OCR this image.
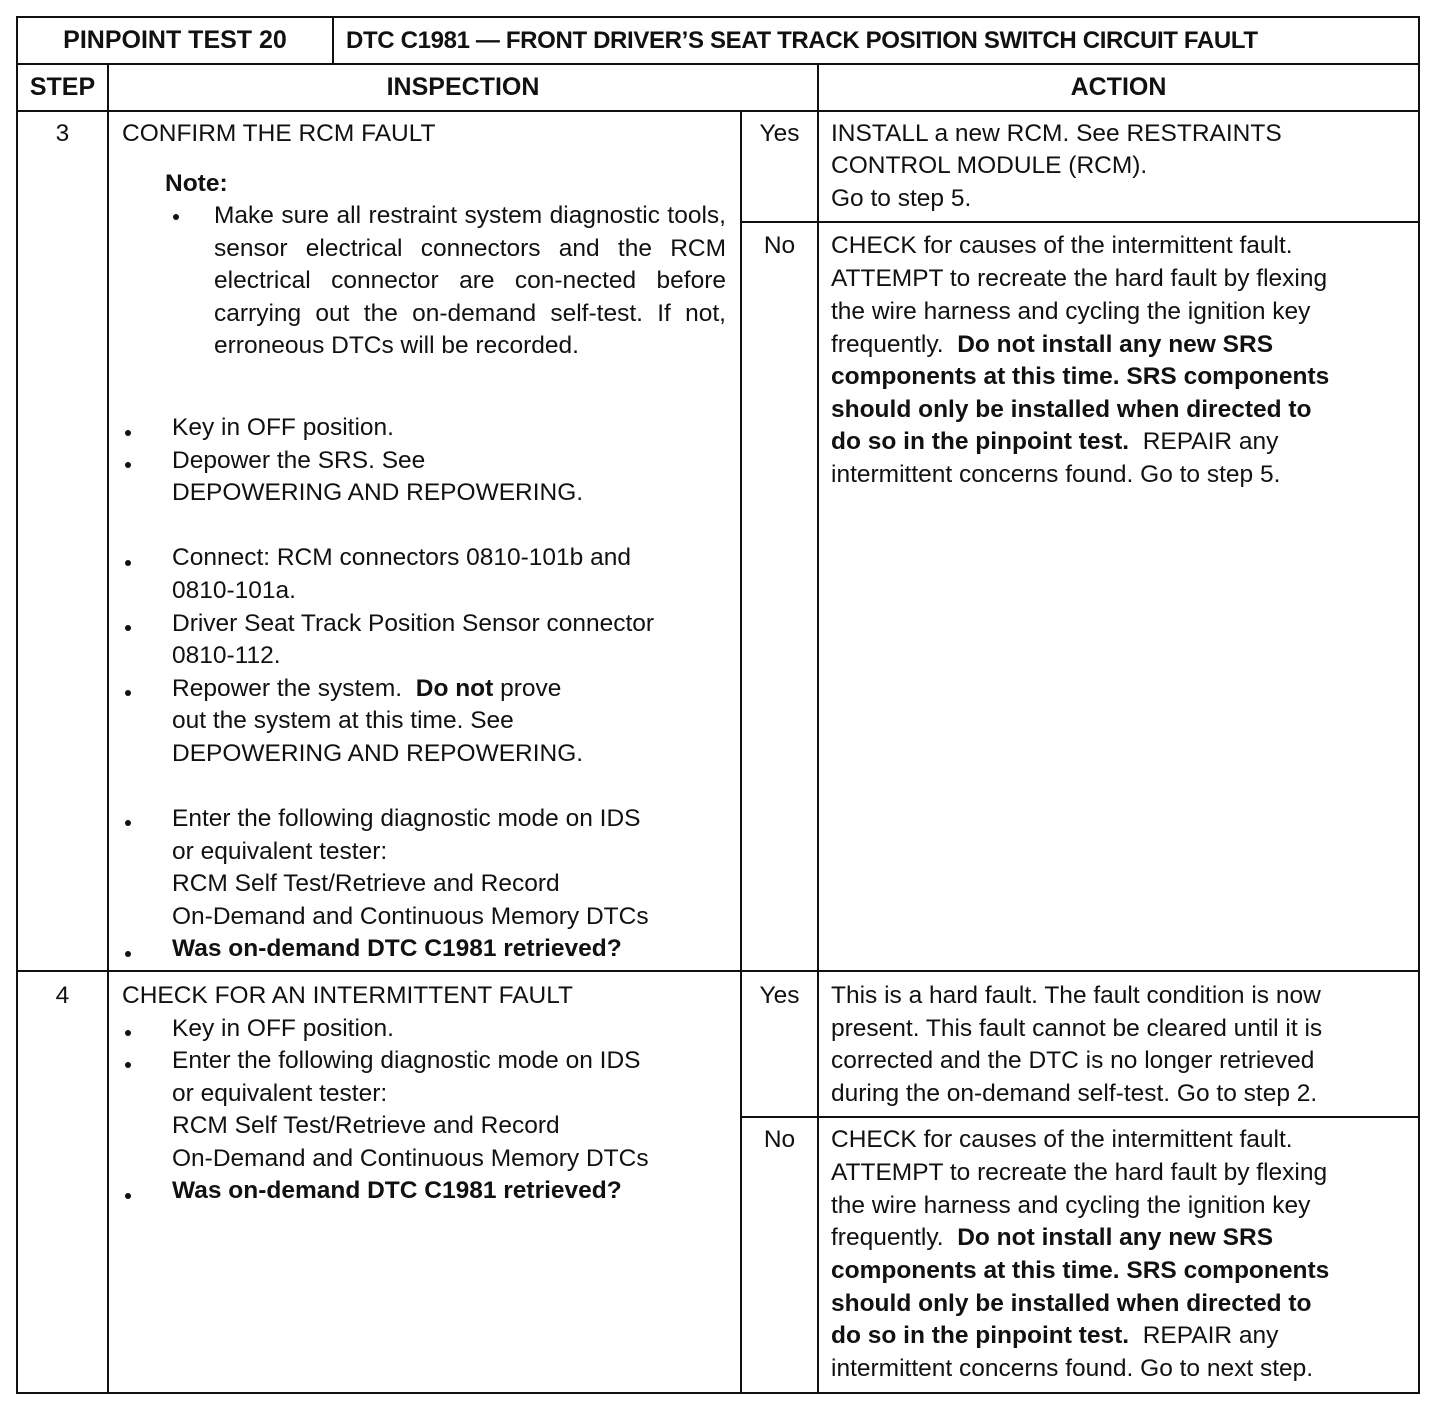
PINPOINT TEST 20 DTC C1981 — FRONT DRIVER’S SEAT TRACK POSITION SWITCH CIRCUIT FAULT
STEP	INSPECTION	ACTION
3	CONFIRM THE RCM FAULT
Note:
Make sure all restraint system diagnostic tools, sensor electrical connectors and the RCM electrical connector are con-nected before carrying out the on-demand self-test. If not, erroneous DTCs will be recorded.
Key in OFF position.
Depower the SRS. See
DEPOWERING AND REPOWERING.
Connect: RCM connectors 0810-101b and
0810-101a.
Driver Seat Track Position Sensor connector
0810-112.
Repower the system. Do not prove
out the system at this time. See
DEPOWERING AND REPOWERING.
Enter the following diagnostic mode on IDS
or equivalent tester:
RCM Self Test/Retrieve and Record
On-Demand and Continuous Memory DTCs
Was on-demand DTC C1981 retrieved?
Yes	INSTALL a new RCM. See RESTRAINTS
CONTROL MODULE (RCM).
Go to step 5.
No	CHECK for causes of the intermittent fault.
ATTEMPT to recreate the hard fault by flexing
the wire harness and cycling the ignition key
frequently. Do not install any new SRS
components at this time. SRS components
should only be installed when directed to
do so in the pinpoint test. REPAIR any
intermittent concerns found. Go to step 5.
4	CHECK FOR AN INTERMITTENT FAULT
Key in OFF position.
Enter the following diagnostic mode on IDS
or equivalent tester:
RCM Self Test/Retrieve and Record
On-Demand and Continuous Memory DTCs
Was on-demand DTC C1981 retrieved?
Yes	This is a hard fault. The fault condition is now
present. This fault cannot be cleared until it is
corrected and the DTC is no longer retrieved
during the on-demand self-test. Go to step 2.
No	CHECK for causes of the intermittent fault.
ATTEMPT to recreate the hard fault by flexing
the wire harness and cycling the ignition key
frequently. Do not install any new SRS
components at this time. SRS components
should only be installed when directed to
do so in the pinpoint test. REPAIR any
intermittent concerns found. Go to next step.
